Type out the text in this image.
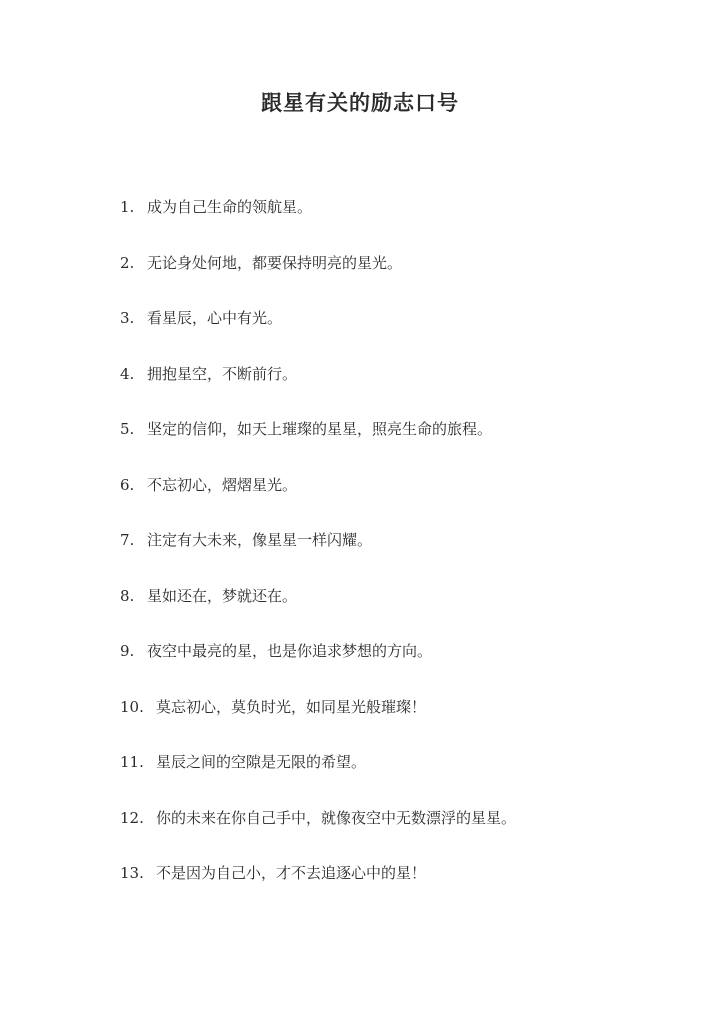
跟星有关的励志口号
1. 成为自己生命的领航星。
2. 无论身处何地，都要保持明亮的星光。
3. 看星辰，心中有光。
4. 拥抱星空，不断前行。
5. 坚定的信仰，如天上璀璨的星星，照亮生命的旅程。
6. 不忘初心，熠熠星光。
7. 注定有大未来，像星星一样闪耀。
8. 星如还在，梦就还在。
9. 夜空中最亮的星，也是你追求梦想的方向。
10. 莫忘初心，莫负时光，如同星光般璀璨！
11. 星辰之间的空隙是无限的希望。
12. 你的未来在你自己手中，就像夜空中无数漂浮的星星。
13. 不是因为自己小，才不去追逐心中的星！
